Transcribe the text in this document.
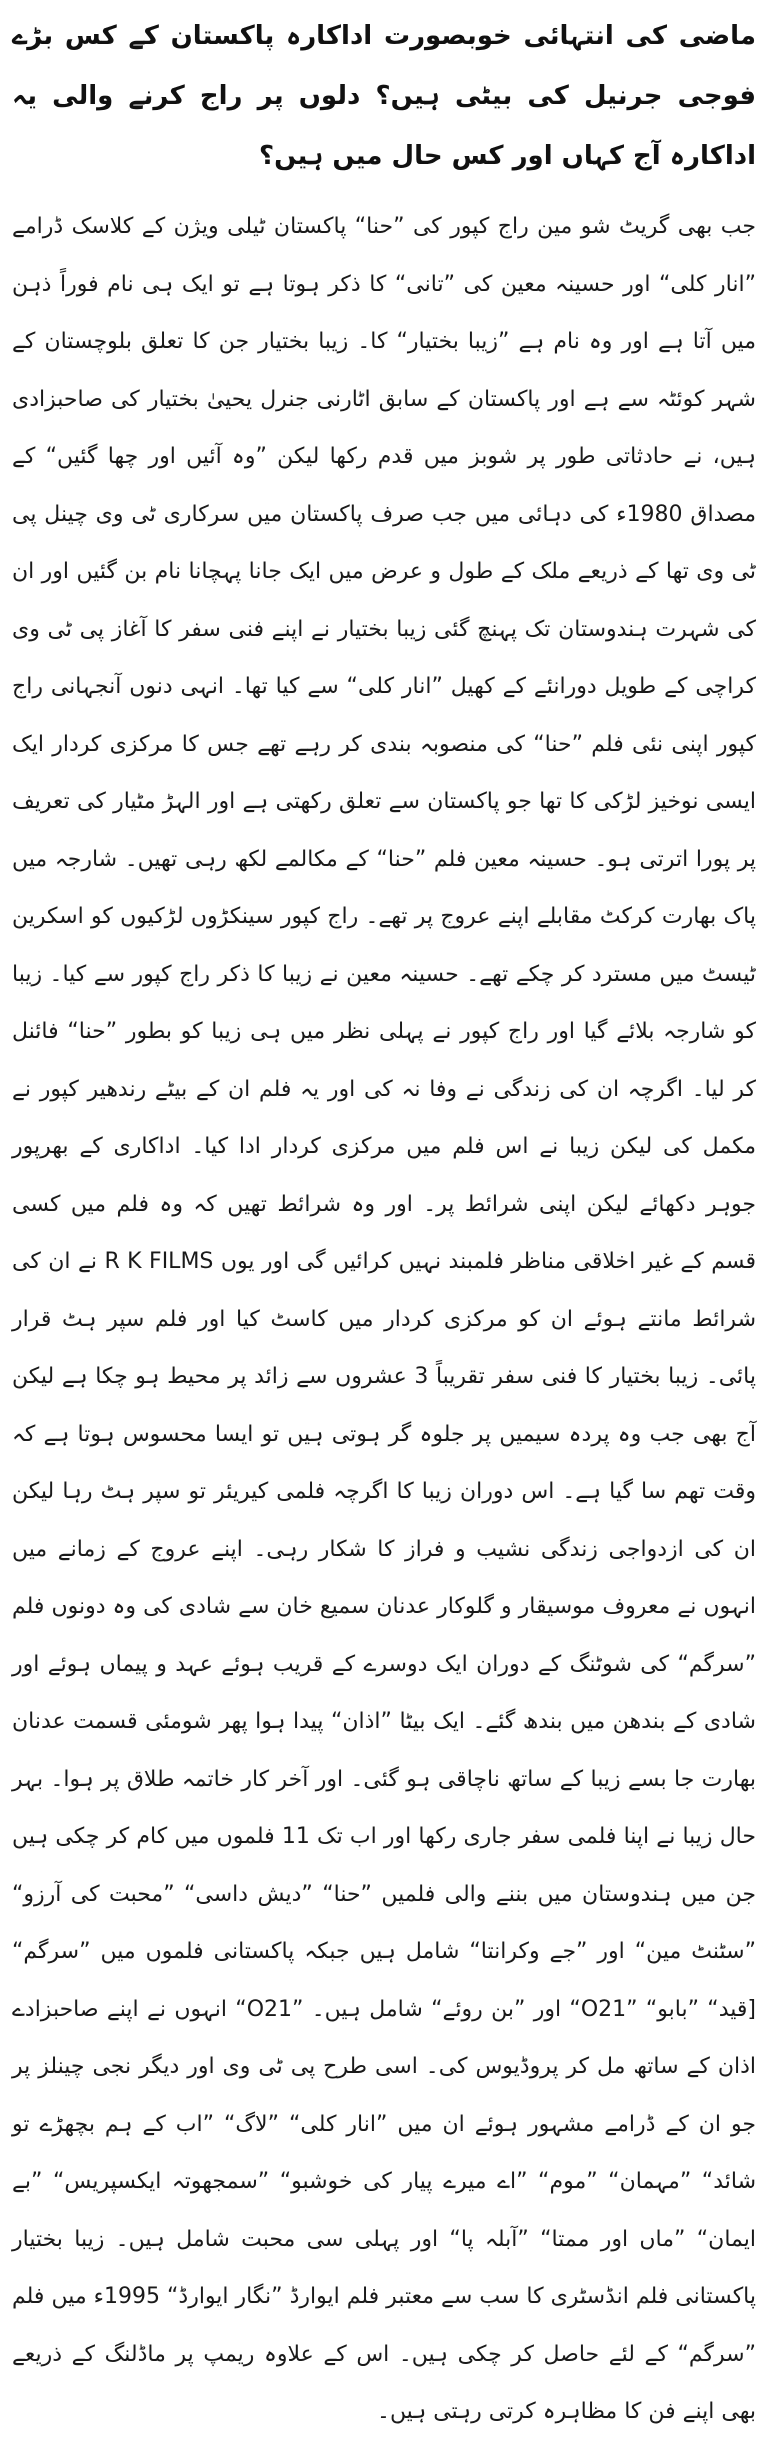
ماضی کی انتہائی خوبصورت اداکارہ پاکستان کے کس بڑے فوجی جرنیل کی بیٹی ہیں؟ دلوں پر راج کرنے والی یہ اداکارہ آج کہاں اور کس حال میں ہیں؟

جب بھی گریٹ شو مین راج کپور کی ”حنا“ پاکستان ٹیلی ویژن کے کلاسک ڈرامے ”انار کلی“ اور حسینہ معین کی ”تانی“ کا ذکر ہوتا ہے تو ایک ہی نام فوراً ذہن میں آتا ہے اور وہ نام ہے ”زیبا بختیار“ کا۔ زیبا بختیار جن کا تعلق بلوچستان کے شہر کوئٹہ سے ہے اور پاکستان کے سابق اٹارنی جنرل یحییٰ بختیار کی صاحبزادی ہیں، نے حادثاتی طور پر شوبز میں قدم رکھا لیکن ”وہ آئیں اور چھا گئیں“ کے مصداق 1980ء کی دہائی میں جب صرف پاکستان میں سرکاری ٹی وی چینل پی ٹی وی تھا کے ذریعے ملک کے طول و عرض میں ایک جانا پہچانا نام بن گئیں اور ان کی شہرت ہندوستان تک پہنچ گئی زیبا بختیار نے اپنے فنی سفر کا آغاز پی ٹی وی کراچی کے طویل دورانئے کے کھیل ”انار کلی“ سے کیا تھا۔ انہی دنوں آنجہانی راج کپور اپنی نئی فلم ”حنا“ کی منصوبہ بندی کر رہے تھے جس کا مرکزی کردار ایک ایسی نوخیز لڑکی کا تھا جو پاکستان سے تعلق رکھتی ہے اور الہڑ مٹیار کی تعریف پر پورا اترتی ہو۔ حسینہ معین فلم ”حنا“ کے مکالمے لکھ رہی تھیں۔ شارجہ میں پاک بھارت کرکٹ مقابلے اپنے عروج پر تھے۔ راج کپور سینکڑوں لڑکیوں کو اسکرین ٹیسٹ میں مسترد کر چکے تھے۔ حسینہ معین نے زیبا کا ذکر راج کپور سے کیا۔ زیبا کو شارجہ بلائے گیا اور راج کپور نے پہلی نظر میں ہی زیبا کو بطور ”حنا“ فائنل کر لیا۔ اگرچہ ان کی زندگی نے وفا نہ کی اور یہ فلم ان کے بیٹے رندھیر کپور نے مکمل کی لیکن زیبا نے اس فلم میں مرکزی کردار ادا کیا۔ اداکاری کے بھرپور جوہر دکھائے لیکن اپنی شرائط پر۔ اور وہ شرائط تھیں کہ وہ فلم میں کسی قسم کے غیر اخلاقی مناظر فلمبند نہیں کرائیں گی اور یوں R K FILMS نے ان کی شرائط مانتے ہوئے ان کو مرکزی کردار میں کاسٹ کیا اور فلم سپر ہٹ قرار پائی۔ زیبا بختیار کا فنی سفر تقریباً 3 عشروں سے زائد پر محیط ہو چکا ہے لیکن آج بھی جب وہ پردہ سیمیں پر جلوہ گر ہوتی ہیں تو ایسا محسوس ہوتا ہے کہ وقت تھم سا گیا ہے۔ اس دوران زیبا کا اگرچہ فلمی کیریئر تو سپر ہٹ رہا لیکن ان کی ازدواجی زندگی نشیب و فراز کا شکار رہی۔ اپنے عروج کے زمانے میں انہوں نے معروف موسیقار و گلوکار عدنان سمیع خان سے شادی کی وہ دونوں فلم ”سرگم“ کی شوٹنگ کے دوران ایک دوسرے کے قریب ہوئے عہد و پیماں ہوئے اور شادی کے بندھن میں بندھ گئے۔ ایک بیٹا ”اذان“ پیدا ہوا پھر شومئی قسمت عدنان بھارت جا بسے زیبا کے ساتھ ناچاقی ہو گئی۔ اور آخر کار خاتمہ طلاق پر ہوا۔ بہر حال زیبا نے اپنا فلمی سفر جاری رکھا اور اب تک 11 فلموں میں کام کر چکی ہیں جن میں ہندوستان میں بننے والی فلمیں ”حنا“ ”دیش داسی“ ”محبت کی آرزو“ ”سٹنٹ مین“ اور ”جے وکرانتا“ شامل ہیں جبکہ پاکستانی فلموں میں ”سرگم“ [قید“ ”بابو“ ”O21“ اور ”بن روئے“ شامل ہیں۔ ”O21“ انہوں نے اپنے صاحبزادے اذان کے ساتھ مل کر پروڈیوس کی۔ اسی طرح پی ٹی وی اور دیگر نجی چینلز پر جو ان کے ڈرامے مشہور ہوئے ان میں ”انار کلی“ ”لاگ“ ”اب کے ہم بچھڑے تو شائد“ ”مہمان“ ”موم“ ”اے میرے پیار کی خوشبو“ ”سمجھوتہ ایکسپریس“ ”بے ایمان“ ”ماں اور ممتا“ ”آبلہ پا“ اور پہلی سی محبت شامل ہیں۔ زیبا بختیار پاکستانی فلم انڈسٹری کا سب سے معتبر فلم ایوارڈ ”نگار ایوارڈ“ 1995ء میں فلم ”سرگم“ کے لئے حاصل کر چکی ہیں۔ اس کے علاوہ ریمپ پر ماڈلنگ کے ذریعے بھی اپنے فن کا مظاہرہ کرتی رہتی ہیں۔
